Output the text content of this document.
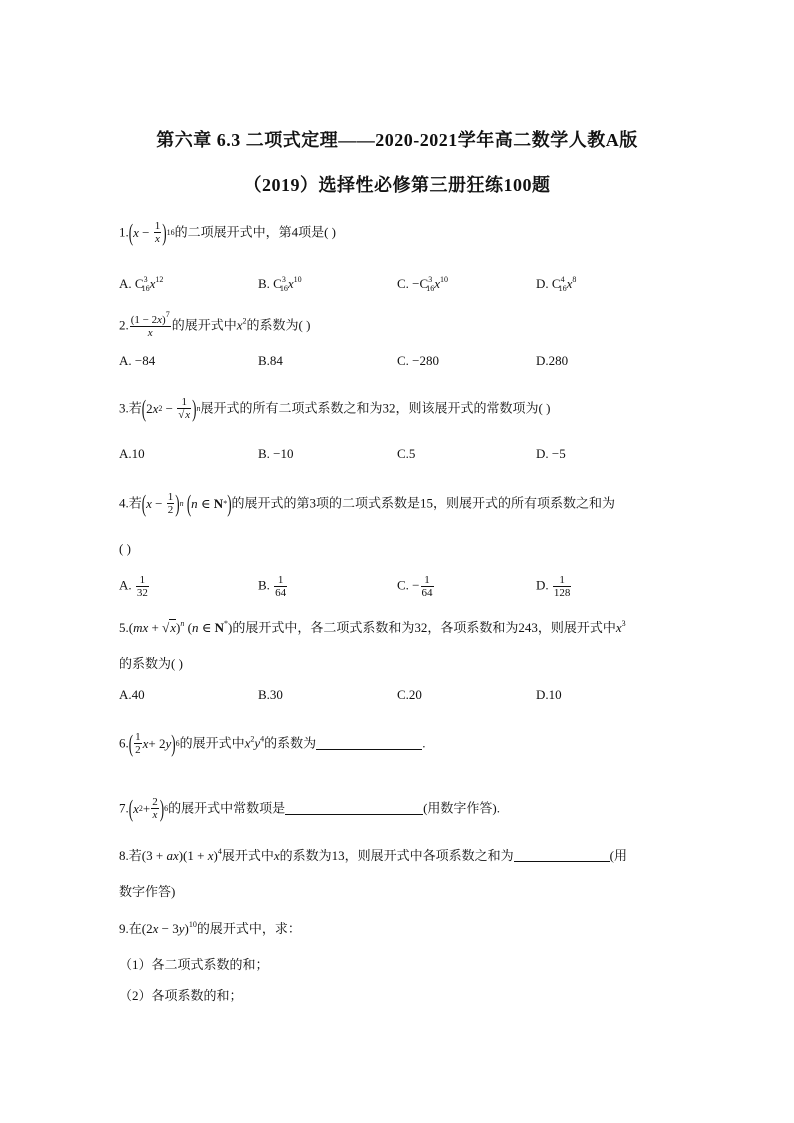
第六章 6.3 二项式定理——2020-2021学年高二数学人教A版
（2019）选择性必修第三册狂练100题
1. ( $x - \frac{1}{x}$ ) 16 的二项展开式中，第4项是( )
A. $C^3_{16}x^{12}$	B. $C^3_{16}x^{10}$	C. $-C^3_{16}x^{10}$	D. $C^4_{16}x^8$
2. $\frac{(1 - 2x)^7}{x}$ 的展开式中$x^2$的系数为( )
A. −84	B.84	C. −280	D.280
3.若 ( 2 x $2 - \frac{1}{√x}$ ) n 展开式的所有二项式系数之和为32，则该展开式的常数项为( )
A.10	B. −10	C.5	D. −5
4.若 ( $x - \frac{1}{2}$ ) n
( n ∈ N * ) 的展开式的第3项的二项式系数是15，则展开式的所有项系数之和为
( )
A. $\frac{1}{32}$	B. $\frac{1}{64}$	C. − $\frac{1}{64}$	D. $\frac{1}{128}$
5.(mx + √x)$^n$ (n ∈ N*)的展开式中，各二项式系数和为32，各项系数和为243，则展开式中$x^3$
的系数为( )
A.40	B.30	C.20	D.10
6. ( $\frac{1}{2}$ x + 2 y ) 6 的展开式中$x^2y^4$的系数为	.
7. ( x $2 + \frac{2}{x}$ ) 6 的展开式中常数项是	(用数字作答).
8.若$(3 + ax)(1 + x)^4$展开式中x的系数为13，则展开式中各项系数之和为	(用
数字作答)
9.在$(2x - 3y)^{10}$的展开式中，求：
（1）各二项式系数的和；
（2）各项系数的和；
